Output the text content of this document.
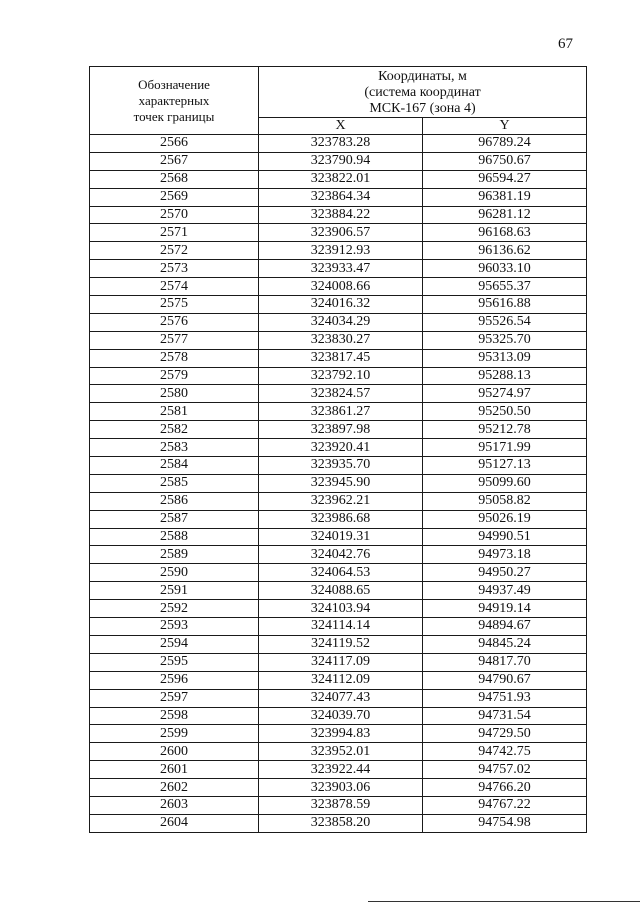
67
Обозначение
характерных
точек границы	Координаты, м
(система координат
МСК-167 (зона 4)	

	X	Y
2566	323783.28	96789.24
2567	323790.94	96750.67
2568	323822.01	96594.27
2569	323864.34	96381.19
2570	323884.22	96281.12
2571	323906.57	96168.63
2572	323912.93	96136.62
2573	323933.47	96033.10
2574	324008.66	95655.37
2575	324016.32	95616.88
2576	324034.29	95526.54
2577	323830.27	95325.70
2578	323817.45	95313.09
2579	323792.10	95288.13
2580	323824.57	95274.97
2581	323861.27	95250.50
2582	323897.98	95212.78
2583	323920.41	95171.99
2584	323935.70	95127.13
2585	323945.90	95099.60
2586	323962.21	95058.82
2587	323986.68	95026.19
2588	324019.31	94990.51
2589	324042.76	94973.18
2590	324064.53	94950.27
2591	324088.65	94937.49
2592	324103.94	94919.14
2593	324114.14	94894.67
2594	324119.52	94845.24
2595	324117.09	94817.70
2596	324112.09	94790.67
2597	324077.43	94751.93
2598	324039.70	94731.54
2599	323994.83	94729.50
2600	323952.01	94742.75
2601	323922.44	94757.02
2602	323903.06	94766.20
2603	323878.59	94767.22
2604	323858.20	94754.98
